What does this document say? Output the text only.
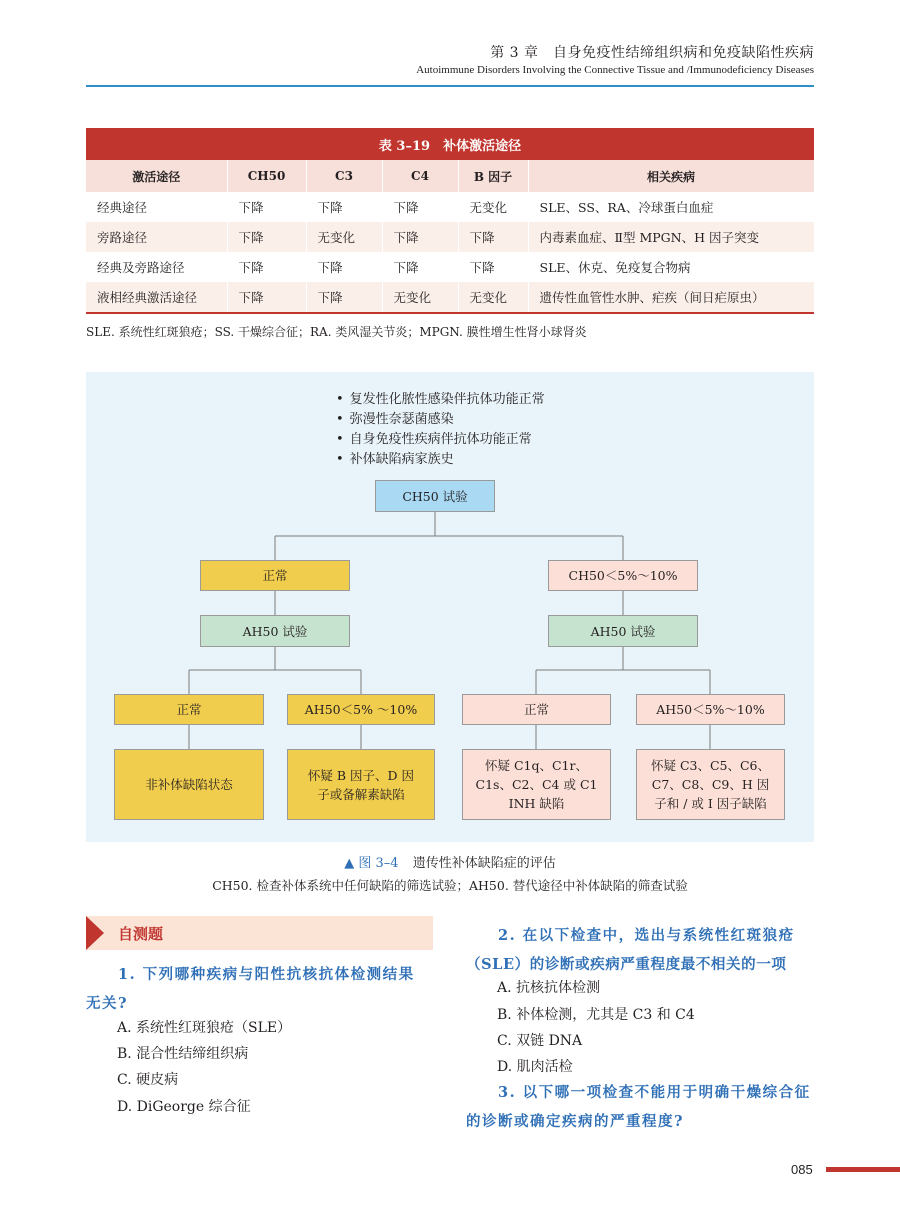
第 3 章　自身免疫性结缔组织病和免疫缺陷性疾病
Autoimmune Disorders Involving the Connective Tissue and /Immunodeficiency Diseases
表 3–19　补体激活途径
激活途径	CH50	C3	C4	B 因子	相关疾病
经典途径	下降	下降	下降	无变化	SLE、SS、RA、冷球蛋白血症
旁路途径	下降	无变化	下降	下降	内毒素血症、Ⅱ型 MPGN、H 因子突变
经典及旁路途径	下降	下降	下降	下降	SLE、休克、免疫复合物病
液相经典激活途径	下降	下降	无变化	无变化	遗传性血管性水肿、疟疾（间日疟原虫）
SLE. 系统性红斑狼疮；SS. 干燥综合征；RA. 类风湿关节炎；MPGN. 膜性增生性肾小球肾炎
• 复发性化脓性感染伴抗体功能正常
• 弥漫性奈瑟菌感染
• 自身免疫性疾病伴抗体功能正常
• 补体缺陷病家族史
CH50 试验
正常	CH50＜5%～10%
AH50 试验	AH50 试验
正常	AH50＜5% ～10%	正常	AH50＜5%～10%
非补体缺陷状态
怀疑 B 因子、D 因
子或备解素缺陷
怀疑 C1q、C1r、
C1s、C2、C4 或 C1
INH 缺陷
怀疑 C3、C5、C6、
C7、C8、C9、H 因
子和 / 或 Ⅰ 因子缺陷
▲ 图 3–4 遗传性补体缺陷症的评估
CH50. 检查补体系统中任何缺陷的筛选试验；AH50. 替代途径中补体缺陷的筛查试验
自测题
1. 下列哪种疾病与阳性抗核抗体检测结果
无关?
A. 系统性红斑狼疮（SLE）
B. 混合性结缔组织病
C. 硬皮病
D. DiGeorge 综合征
2. 在以下检查中，选出与系统性红斑狼疮
（SLE）的诊断或疾病严重程度最不相关的一项
A. 抗核抗体检测
B. 补体检测，尤其是 C3 和 C4
C. 双链 DNA
D. 肌肉活检
3. 以下哪一项检查不能用于明确干燥综合征
的诊断或确定疾病的严重程度?
085
